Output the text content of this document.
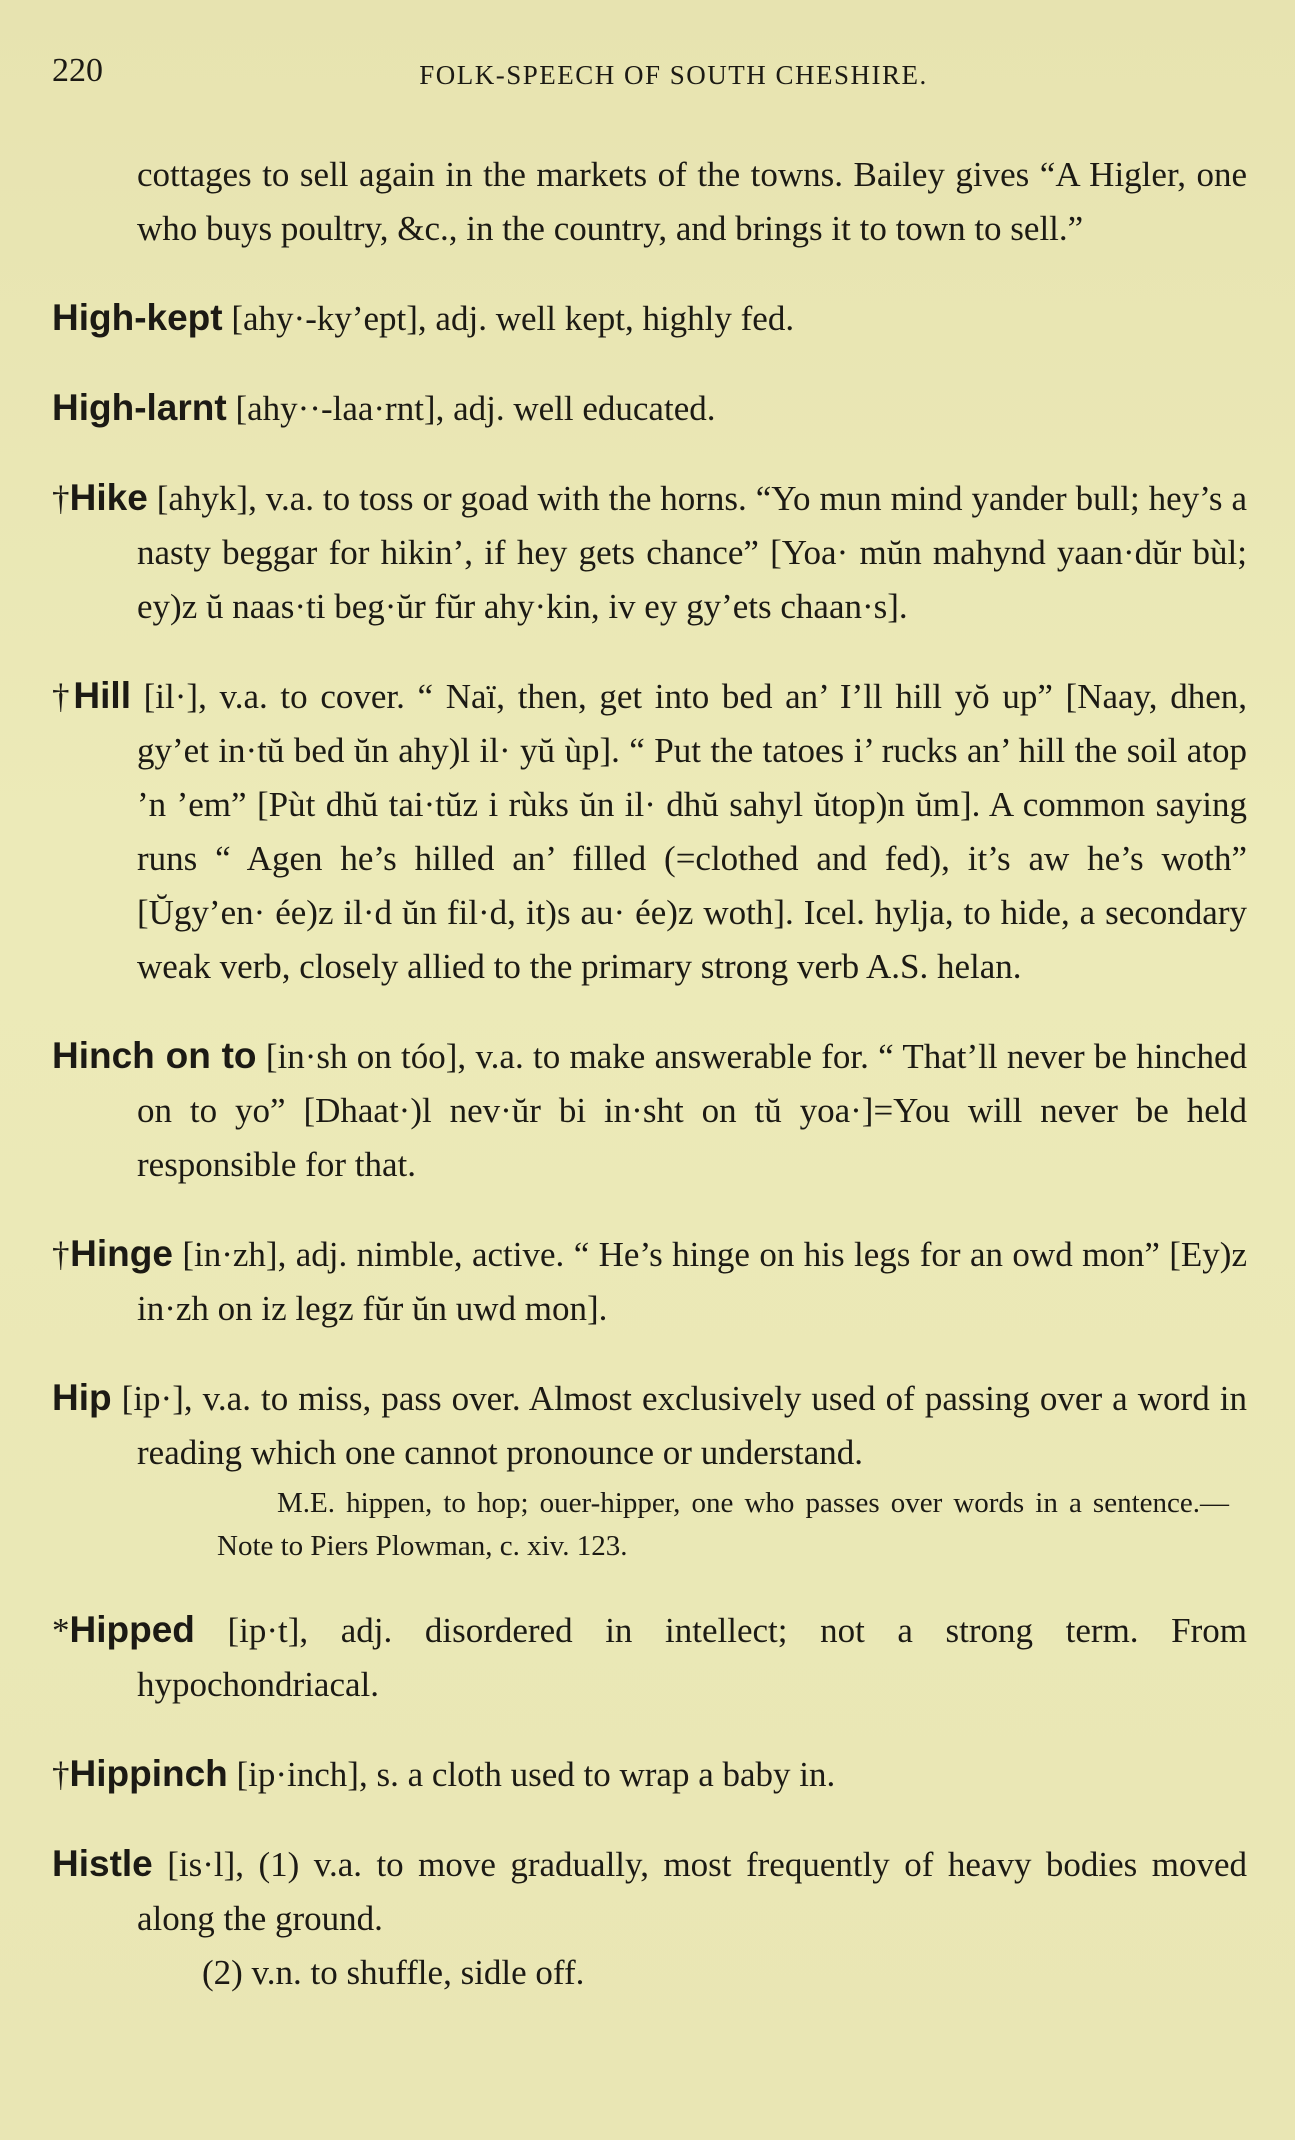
220	FOLK-SPEECH OF SOUTH CHESHIRE.

cottages to sell again in the markets of the towns. Bailey gives “A Higler, one who buys poultry, &c., in the country, and brings it to town to sell.”

High-kept [ahy·-ky’ept], adj. well kept, highly fed.

High-larnt [ahy··-laa·rnt], adj. well educated.

†Hike [ahyk], v.a. to toss or goad with the horns. “Yo mun mind yander bull; hey’s a nasty beggar for hikin’, if hey gets chance” [Yoa· mŭn mahynd yaan·dŭr bùl; ey)z ŭ naas·ti beg·ŭr fŭr ahy·kin, iv ey gy’ets chaan·s].

†Hill [il·], v.a. to cover. “ Naï, then, get into bed an’ I’ll hill yŏ up” [Naay, dhen, gy’et in·tŭ bed ŭn ahy)l il· yŭ ùp]. “ Put the tatoes i’ rucks an’ hill the soil atop ’n ’em” [Pùt dhŭ tai·tŭz i rùks ŭn il· dhŭ sahyl ŭtop)n ŭm]. A common saying runs “ Agen he’s hilled an’ filled (=clothed and fed), it’s aw he’s woth” [Ŭgy’en· ée)z il·d ŭn fil·d, it)s au· ée)z woth]. Icel. hylja, to hide, a secondary weak verb, closely allied to the primary strong verb A.S. helan.

Hinch on to [in·sh on tóo], v.a. to make answerable for. “ That’ll never be hinched on to yo” [Dhaat·)l nev·ŭr bi in·sht on tŭ yoa·]=You will never be held responsible for that.

†Hinge [in·zh], adj. nimble, active. “ He’s hinge on his legs for an owd mon” [Ey)z in·zh on iz legz fŭr ŭn uwd mon].

Hip [ip·], v.a. to miss, pass over. Almost exclusively used of passing over a word in reading which one cannot pronounce or understand.

M.E. hippen, to hop; ouer-hipper, one who passes over words in a sentence.—Note to Piers Plowman, c. xiv. 123.

*Hipped [ip·t], adj. disordered in intellect; not a strong term. From hypochondriacal.

†Hippinch [ip·inch], s. a cloth used to wrap a baby in.

Histle [is·l], (1) v.a. to move gradually, most frequently of heavy bodies moved along the ground.

(2) v.n. to shuffle, sidle off.
